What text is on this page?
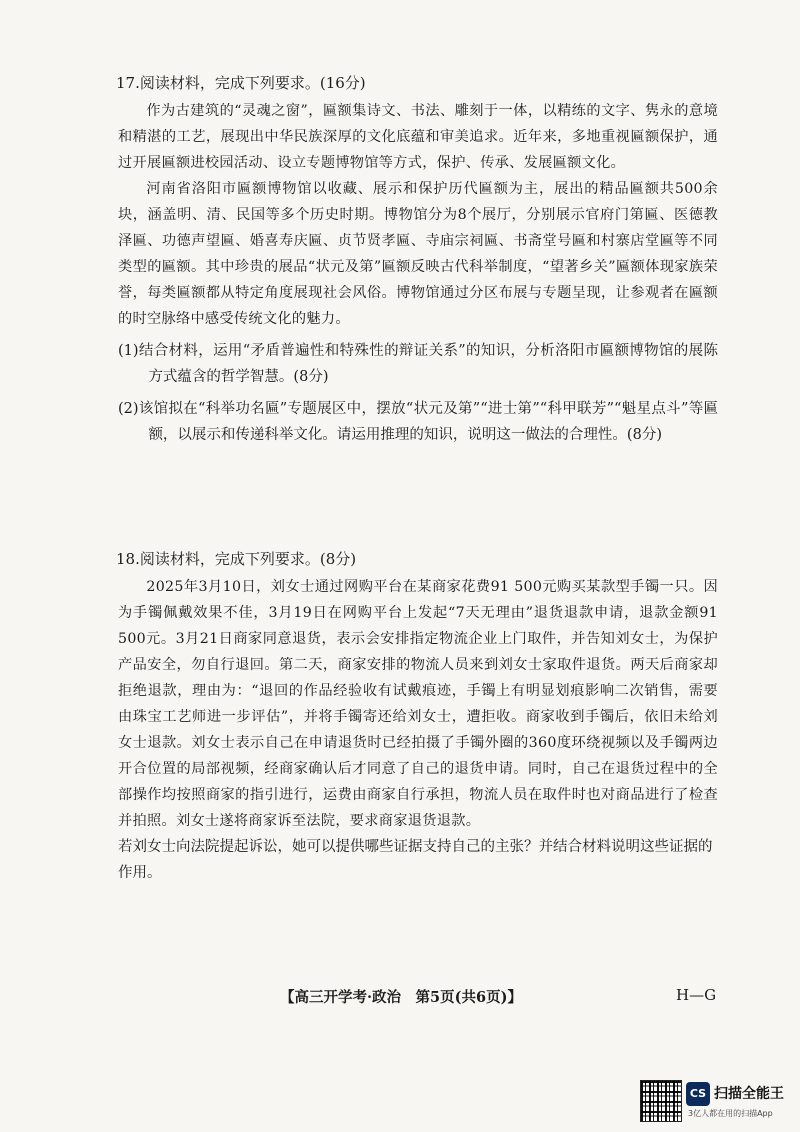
17.阅读材料，完成下列要求。(16分)

作为古建筑的“灵魂之窗”，匾额集诗文、书法、雕刻于一体，以精练的文字、隽永的意境和精湛的工艺，展现出中华民族深厚的文化底蕴和审美追求。近年来，多地重视匾额保护，通过开展匾额进校园活动、设立专题博物馆等方式，保护、传承、发展匾额文化。

河南省洛阳市匾额博物馆以收藏、展示和保护历代匾额为主，展出的精品匾额共500余块，涵盖明、清、民国等多个历史时期。博物馆分为8个展厅，分别展示官府门第匾、医德教泽匾、功德声望匾、婚喜寿庆匾、贞节贤孝匾、寺庙宗祠匾、书斋堂号匾和村寨店堂匾等不同类型的匾额。其中珍贵的展品“状元及第”匾额反映古代科举制度，“望著乡关”匾额体现家族荣誉，每类匾额都从特定角度展现社会风俗。博物馆通过分区布展与专题呈现，让参观者在匾额的时空脉络中感受传统文化的魅力。

(1)结合材料，运用“矛盾普遍性和特殊性的辩证关系”的知识，分析洛阳市匾额博物馆的展陈方式蕴含的哲学智慧。(8分)

(2)该馆拟在“科举功名匾”专题展区中，摆放“状元及第”“进士第”“科甲联芳”“魁星点斗”等匾额，以展示和传递科举文化。请运用推理的知识，说明这一做法的合理性。(8分)

18.阅读材料，完成下列要求。(8分)

2025年3月10日，刘女士通过网购平台在某商家花费91 500元购买某款型手镯一只。因为手镯佩戴效果不佳，3月19日在网购平台上发起“7天无理由”退货退款申请，退款金额91 500元。3月21日商家同意退货，表示会安排指定物流企业上门取件，并告知刘女士，为保护产品安全，勿自行退回。第二天，商家安排的物流人员来到刘女士家取件退货。两天后商家却拒绝退款，理由为：“退回的作品经验收有试戴痕迹，手镯上有明显划痕影响二次销售，需要由珠宝工艺师进一步评估”，并将手镯寄还给刘女士，遭拒收。商家收到手镯后，依旧未给刘女士退款。刘女士表示自己在申请退货时已经拍摄了手镯外圈的360度环绕视频以及手镯两边开合位置的局部视频，经商家确认后才同意了自己的退货申请。同时，自己在退货过程中的全部操作均按照商家的指引进行，运费由商家自行承担，物流人员在取件时也对商品进行了检查并拍照。刘女士遂将商家诉至法院，要求商家退货退款。

若刘女士向法院提起诉讼，她可以提供哪些证据支持自己的主张？并结合材料说明这些证据的作用。

【高三开学考·政治　第5页(共6页)】	H—G
CS 扫描全能王
3亿人都在用的扫描App
